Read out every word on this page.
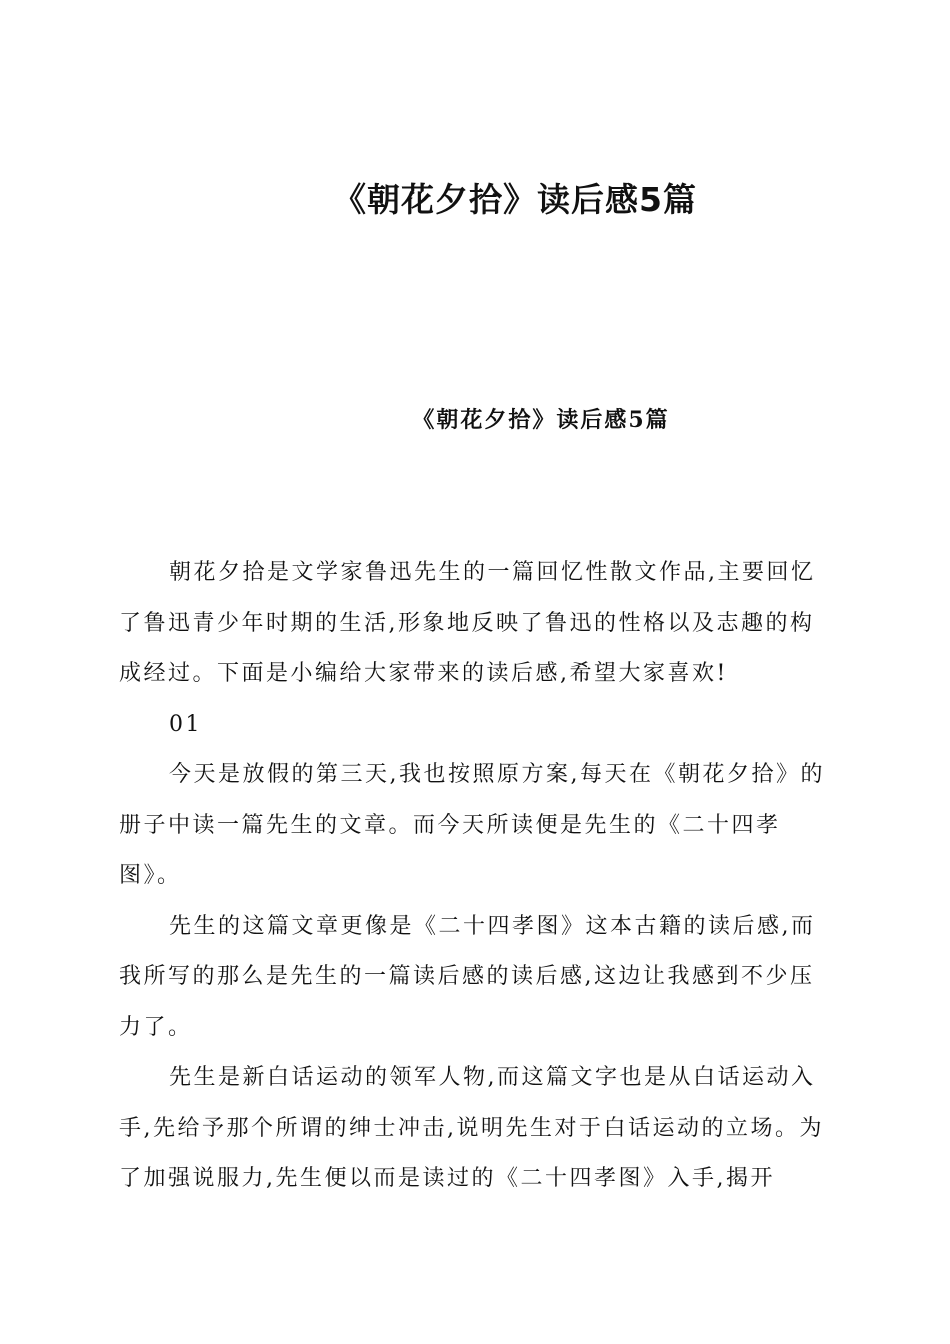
《朝花夕拾》读后感5篇
《朝花夕拾》读后感5篇

朝花夕拾是文学家鲁迅先生的一篇回忆性散文作品,主要回忆了鲁迅青少年时期的生活,形象地反映了鲁迅的性格以及志趣的构成经过。下面是小编给大家带来的读后感,希望大家喜欢!

01

今天是放假的第三天,我也按照原方案,每天在《朝花夕拾》的册子中读一篇先生的文章。而今天所读便是先生的《二十四孝图》。

先生的这篇文章更像是《二十四孝图》这本古籍的读后感,而我所写的那么是先生的一篇读后感的读后感,这边让我感到不少压力了。

先生是新白话运动的领军人物,而这篇文字也是从白话运动入手,先给予那个所谓的绅士冲击,说明先生对于白话运动的立场。为了加强说服力,先生便以而是读过的《二十四孝图》入手,揭开
